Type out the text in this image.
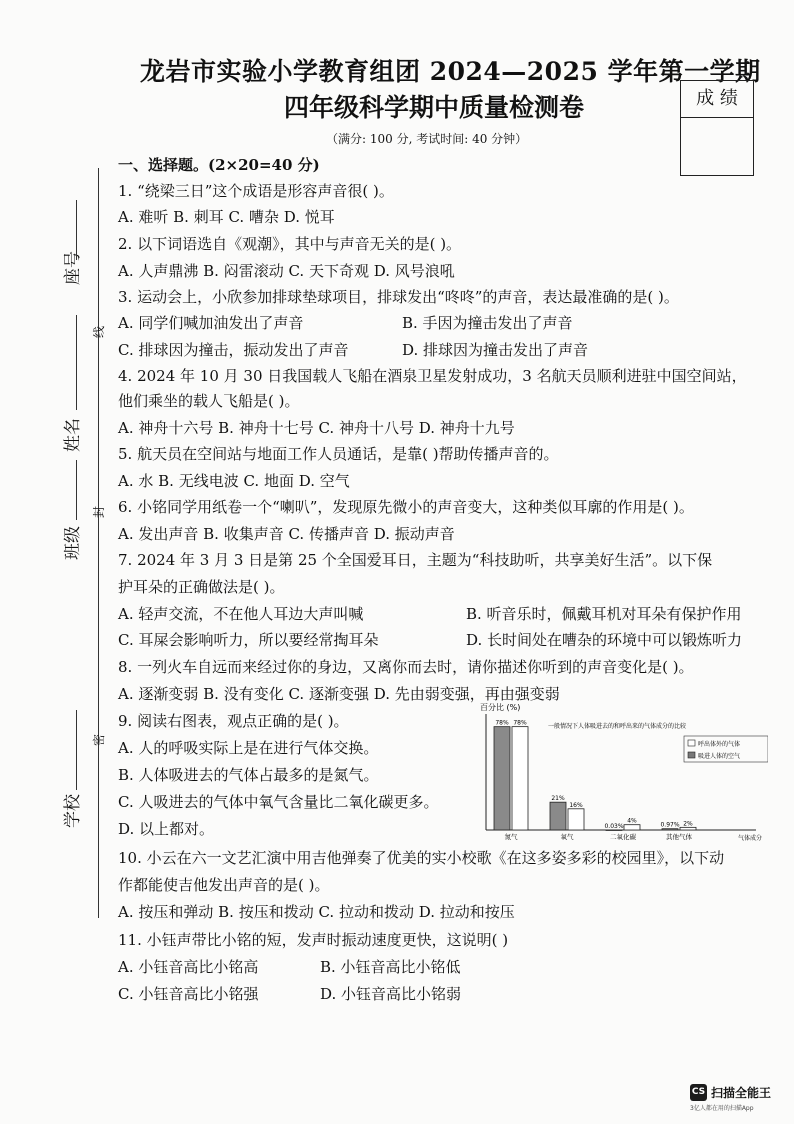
龙岩市实验小学教育组团 2024—2025 学年第一学期
四年级科学期中质量检测卷
（满分: 100 分, 考试时间: 40 分钟）
成 绩
座号
姓名
班级
学校
线
封
密
一、选择题。(2×20=40 分)
1. “绕梁三日”这个成语是形容声音很( )。
A. 难听 B. 刺耳 C. 嘈杂 D. 悦耳
2. 以下词语选自《观潮》，其中与声音无关的是( )。
A. 人声鼎沸 B. 闷雷滚动 C. 天下奇观 D. 风号浪吼
3. 运动会上，小欣参加排球垫球项目，排球发出“咚咚”的声音，表达最准确的是( )。
A. 同学们喊加油发出了声音	B. 手因为撞击发出了声音
C. 排球因为撞击，振动发出了声音	D. 排球因为撞击发出了声音
4. 2024 年 10 月 30 日我国载人飞船在酒泉卫星发射成功，3 名航天员顺利进驻中国空间站，
他们乘坐的载人飞船是( )。
A. 神舟十六号 B. 神舟十七号 C. 神舟十八号 D. 神舟十九号
5. 航天员在空间站与地面工作人员通话，是靠( )帮助传播声音的。
A. 水 B. 无线电波 C. 地面 D. 空气
6. 小铭同学用纸卷一个“喇叭”，发现原先微小的声音变大，这种类似耳廓的作用是( )。
A. 发出声音 B. 收集声音 C. 传播声音 D. 振动声音
7. 2024 年 3 月 3 日是第 25 个全国爱耳日，主题为“科技助听，共享美好生活”。以下保
护耳朵的正确做法是( )。
A. 轻声交流，不在他人耳边大声叫喊	B. 听音乐时，佩戴耳机对耳朵有保护作用
C. 耳屎会影响听力，所以要经常掏耳朵	D. 长时间处在嘈杂的环境中可以锻炼听力
8. 一列火车自远而来经过你的身边，又离你而去时，请你描述你听到的声音变化是( )。
A. 逐渐变弱 B. 没有变化 C. 逐渐变强 D. 先由弱变强，再由强变弱
9. 阅读右图表，观点正确的是( )。
A. 人的呼吸实际上是在进行气体交换。
B. 人体吸进去的气体占最多的是氮气。
C. 人吸进去的气体中氧气含量比二氧化碳更多。
D. 以上都对。
10. 小云在六一文艺汇演中用吉他弹奏了优美的实小校歌《在这多姿多彩的校园里》，以下动
作都能使吉他发出声音的是( )。
A. 按压和弹动 B. 按压和拨动 C. 拉动和拨动 D. 拉动和按压
11. 小钰声带比小铭的短，发声时振动速度更快，这说明( )
A. 小钰音高比小铭高	B. 小钰音高比小铭低
C. 小钰音高比小铭强	D. 小钰音高比小铭弱
百分比 (%)
气体成分
一般情况下人体吸进去的和呼出来的气体成分的比较
呼出体外的气体
吸进人体的空气
78% 78%
氮气
21%
16%
氧气
0.03%
4%
二氧化碳
0.97% 2%
其他气体
CS 扫描全能王
3亿人都在用的扫描App
